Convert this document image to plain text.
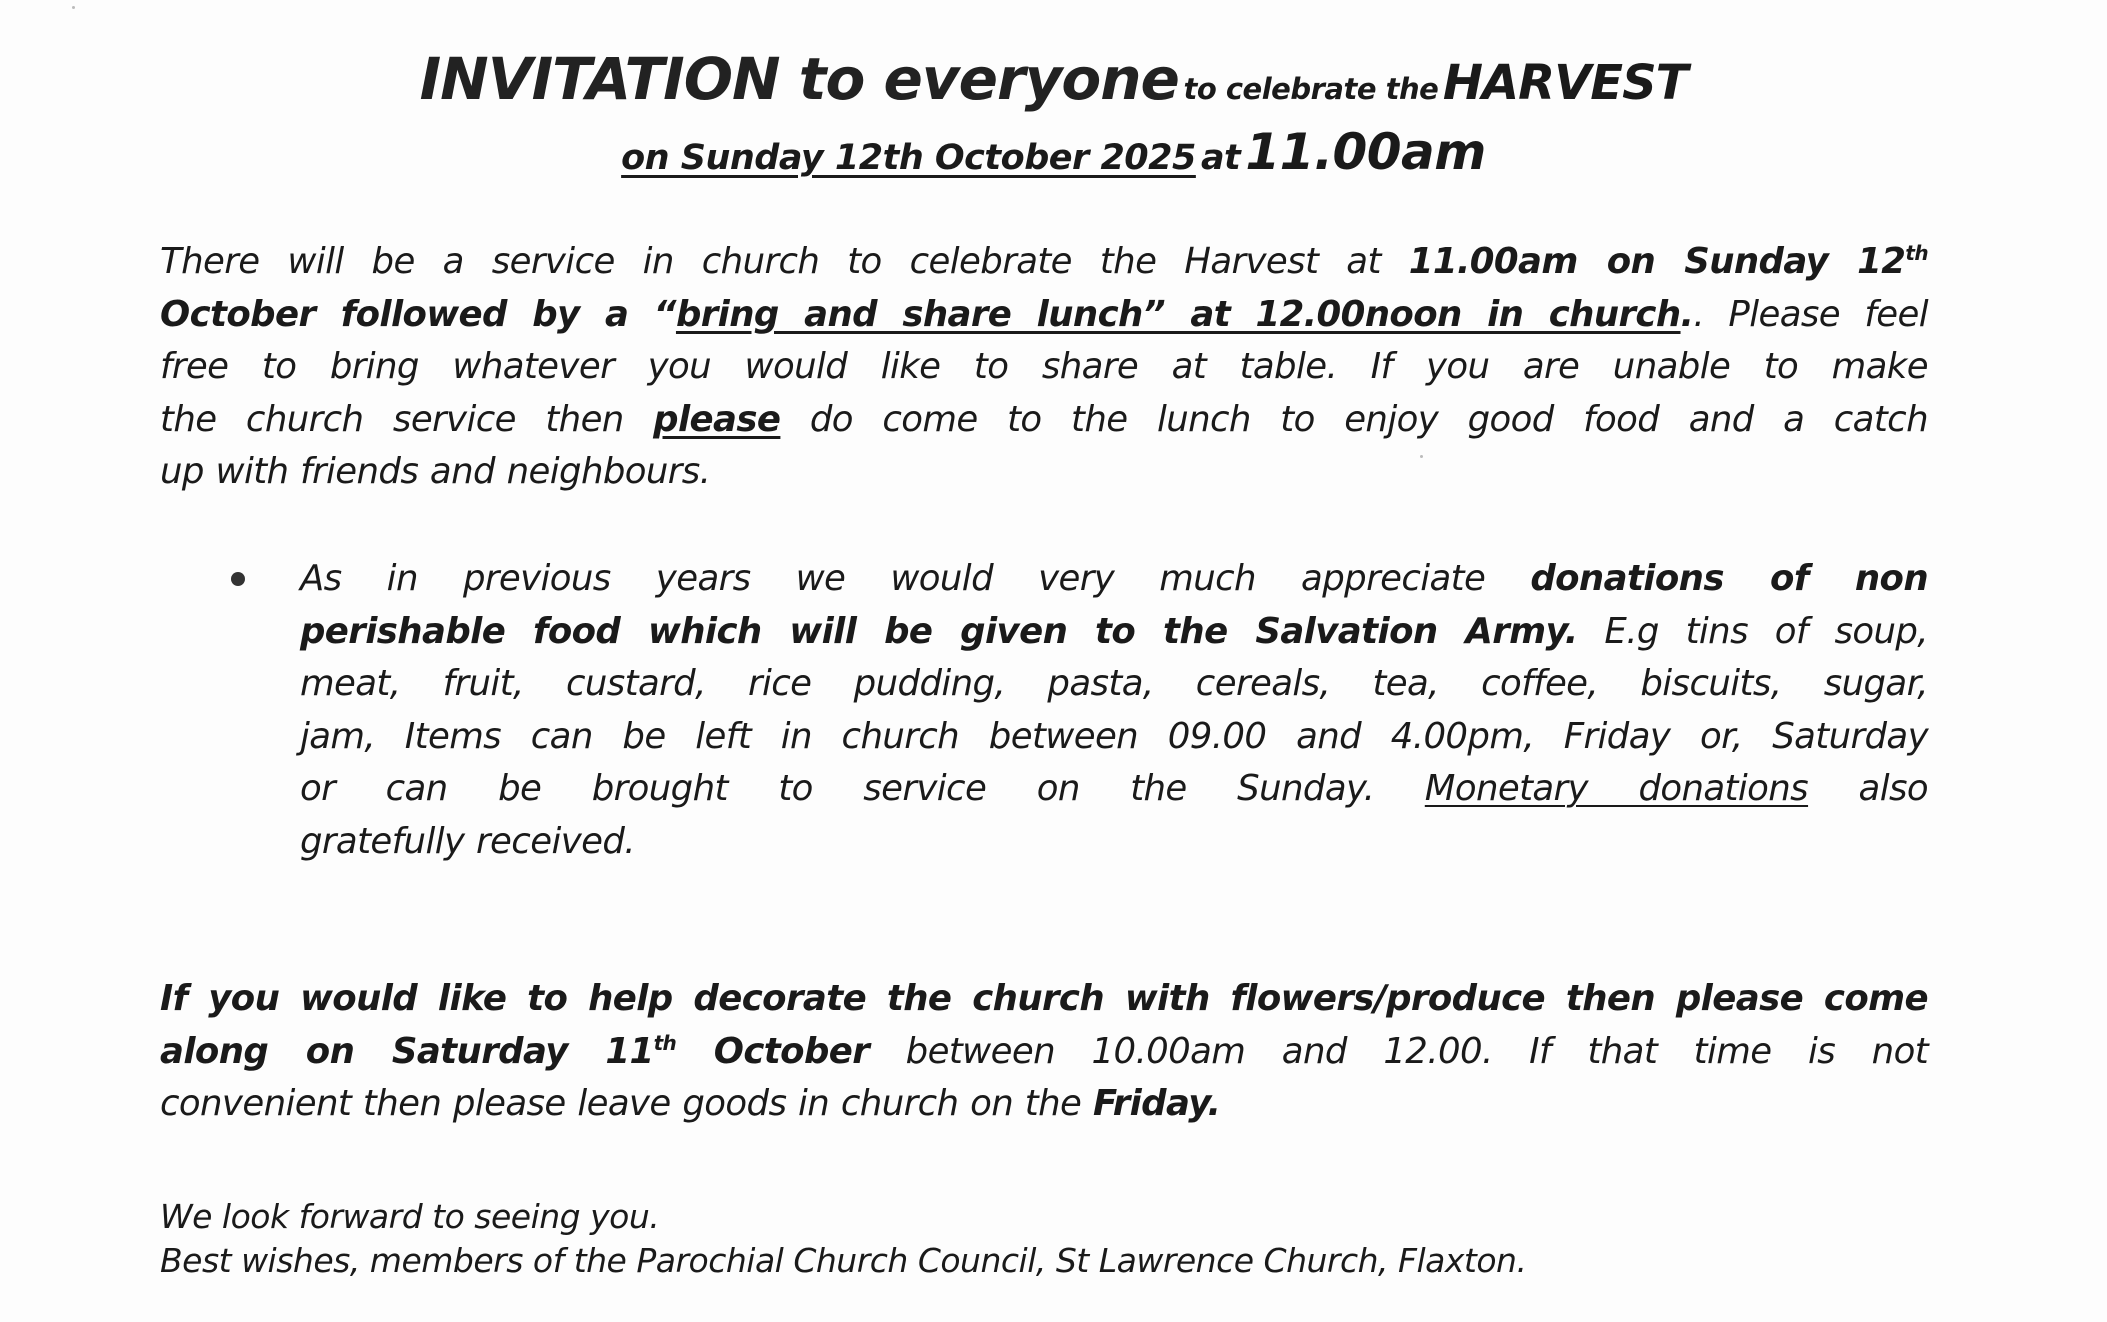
INVITATION to everyone to celebrate the HARVEST
on Sunday 12th October 2025 at 11.00am
There will be a service in church to celebrate the Harvest at 11.00am on Sunday 12th
October followed by a “bring and share lunch” at 12.00noon in church.. Please feel
free to bring whatever you would like to share at table. If you are unable to make
the church service then please do come to the lunch to enjoy good food and a catch
up with friends and neighbours.
As in previous years we would very much appreciate donations of non
perishable food which will be given to the Salvation Army. E.g tins of soup,
meat, fruit, custard, rice pudding, pasta, cereals, tea, coffee, biscuits, sugar,
jam, Items can be left in church between 09.00 and 4.00pm, Friday or, Saturday
or can be brought to service on the Sunday. Monetary donations also
gratefully received.
If you would like to help decorate the church with flowers/produce then please come
along on Saturday 11th October between 10.00am and 12.00. If that time is not
convenient then please leave goods in church on the Friday.
We look forward to seeing you.
Best wishes, members of the Parochial Church Council, St Lawrence Church, Flaxton.
